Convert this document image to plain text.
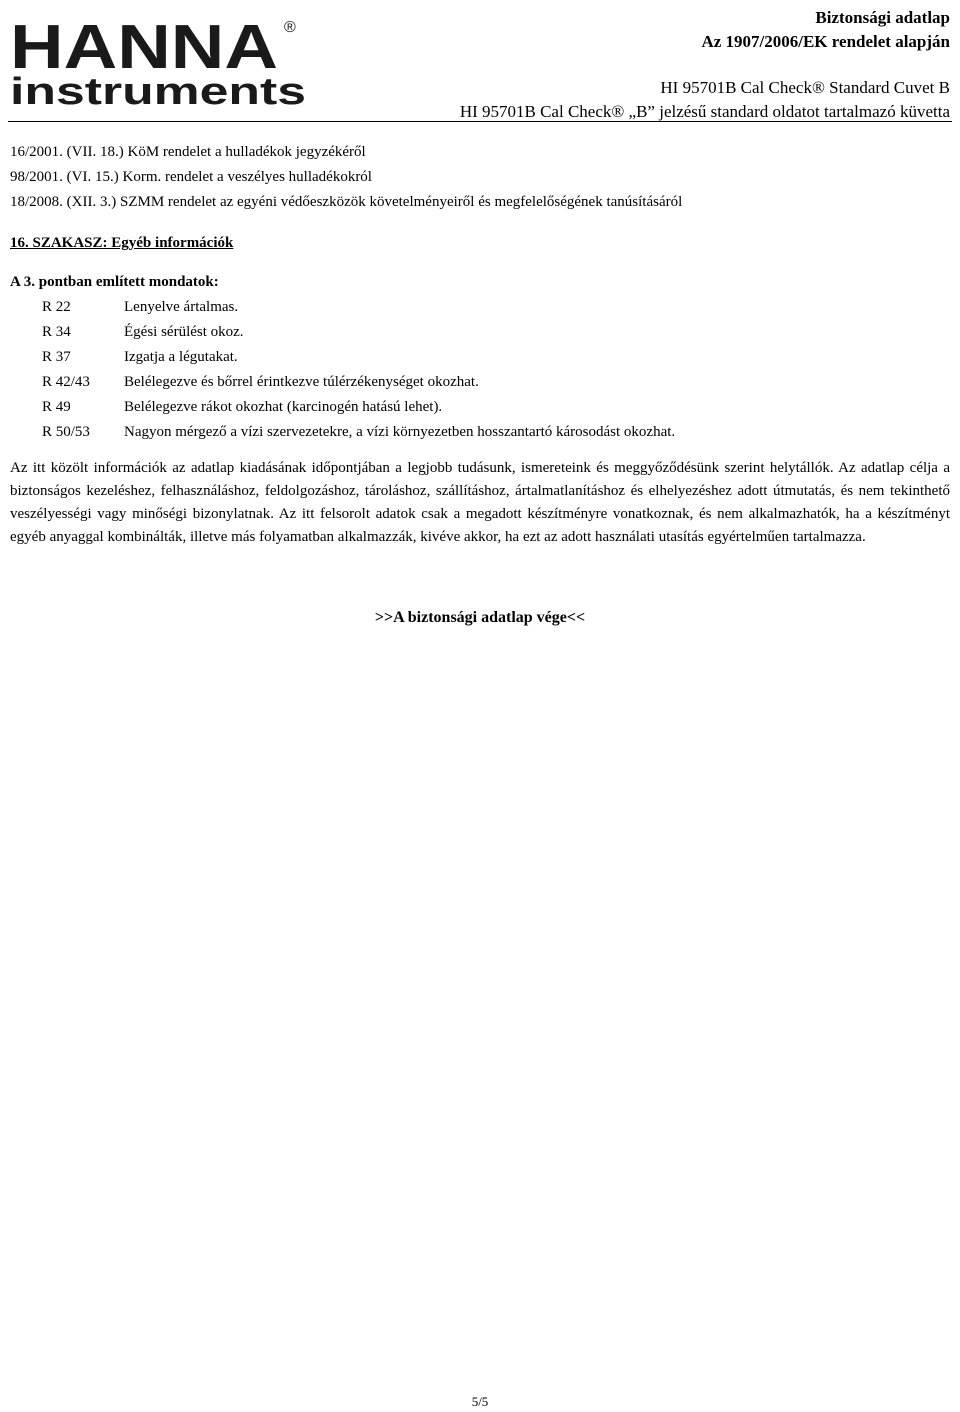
HANNA ®
instruments
Biztonsági adatlap
Az 1907/2006/EK rendelet alapján
HI 95701B Cal Check® Standard Cuvet B
HI 95701B Cal Check® „B” jelzésű standard oldatot tartalmazó küvetta

16/2001. (VII. 18.) KöM rendelet a hulladékok jegyzékéről

98/2001. (VI. 15.) Korm. rendelet a veszélyes hulladékokról

18/2008. (XII. 3.) SZMM rendelet az egyéni védőeszközök követelményeiről és megfelelőségének tanúsításáról

16. SZAKASZ: Egyéb információk

A 3. pontban említett mondatok:

R 22	Lenyelve ártalmas.
R 34	Égési sérülést okoz.
R 37	Izgatja a légutakat.
R 42/43	Belélegezve és bőrrel érintkezve túlérzékenységet okozhat.
R 49	Belélegezve rákot okozhat (karcinogén hatású lehet).
R 50/53	Nagyon mérgező a vízi szervezetekre, a vízi környezetben hosszantartó károsodást okozhat.

Az itt közölt információk az adatlap kiadásának időpontjában a legjobb tudásunk, ismereteink és meggyőződésünk szerint helytállók. Az adatlap célja a biztonságos kezeléshez, felhasználáshoz, feldolgozáshoz, tároláshoz, szállításhoz, ártalmatlanításhoz és elhelyezéshez adott útmutatás, és nem tekinthető veszélyességi vagy minőségi bizonylatnak. Az itt felsorolt adatok csak a megadott készítményre vonatkoznak, és nem alkalmazhatók, ha a készítményt egyéb anyaggal kombinálták, illetve más folyamatban alkalmazzák, kivéve akkor, ha ezt az adott használati utasítás egyértelműen tartalmazza.

>>A biztonsági adatlap vége<<
5/5
